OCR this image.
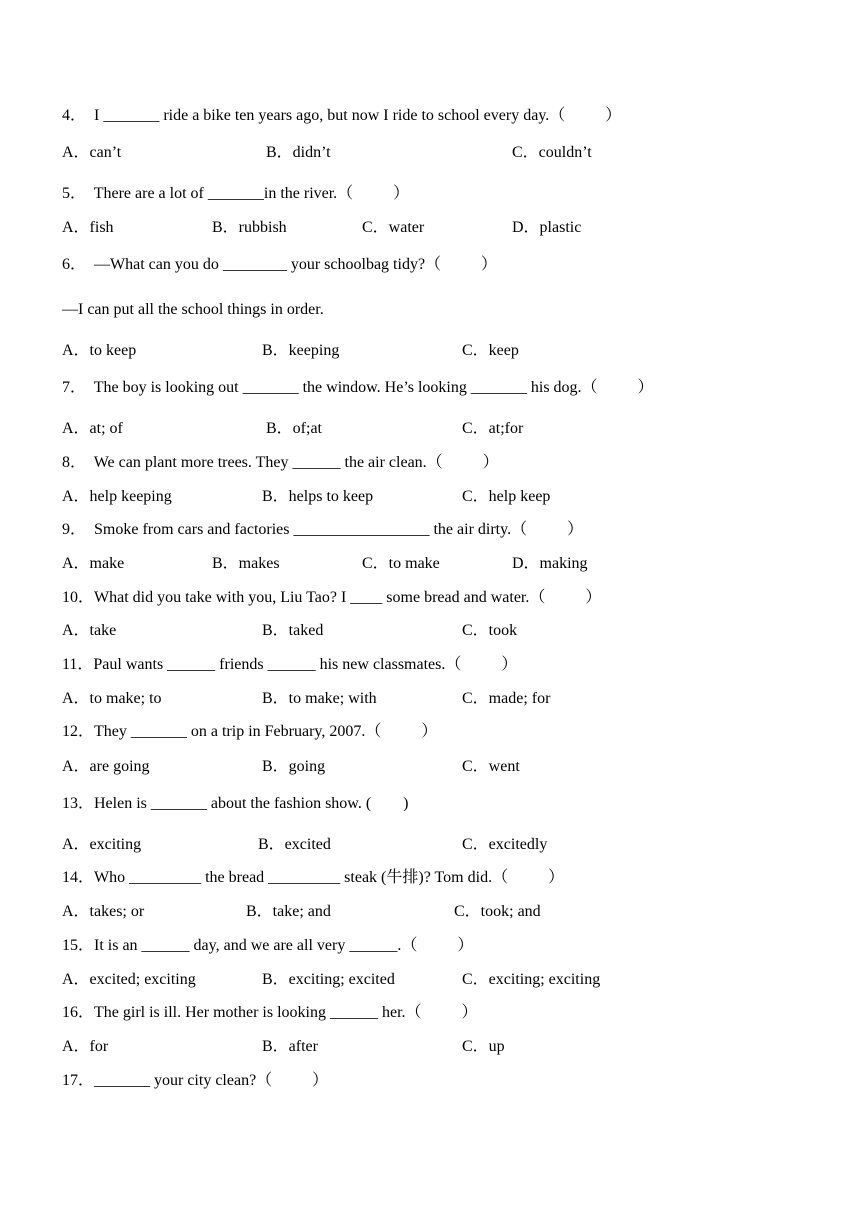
4．  I _______ ride a bike ten years ago, but now I ride to school every day.（          ）
A．can’t	B．didn’t	C．couldn’t
5．  There are a lot of _______in the river.（          ）
A．fish	B．rubbish	C．water	D．plastic
6．  —What can you do ________ your schoolbag tidy?（          ）
—I can put all the school things in order.
A．to keep	B．keeping	C．keep
7．  The boy is looking out _______ the window. He’s looking _______ his dog.（          ）
A．at; of	B．of;at	C．at;for
8．  We can plant more trees. They ______ the air clean.（          ）
A．help keeping	B．helps to keep	C．help keep
9．  Smoke from cars and factories _________________ the air dirty.（          ）
A．make	B．makes	C．to make	D．making
10．What did you take with you, Liu Tao? I ____ some bread and water.（          ）
A．take	B．taked	C．took
11．Paul wants ______ friends ______ his new classmates.（          ）
A．to make; to	B．to make; with	C．made; for
12．They _______ on a trip in February, 2007.（          ）
A．are going	B．going	C．went
13．Helen is _______ about the fashion show. (        )
A．exciting	B．excited	C．excitedly
14．Who _________ the bread _________ steak (牛排)? Tom did.（          ）
A．takes; or	B．take; and	C．took; and
15．It is an ______ day, and we are all very ______.（          ）
A．excited; exciting	B．exciting; excited	C．exciting; exciting
16．The girl is ill. Her mother is looking ______ her.（          ）
A．for	B．after	C．up
17．_______ your city clean?（          ）
